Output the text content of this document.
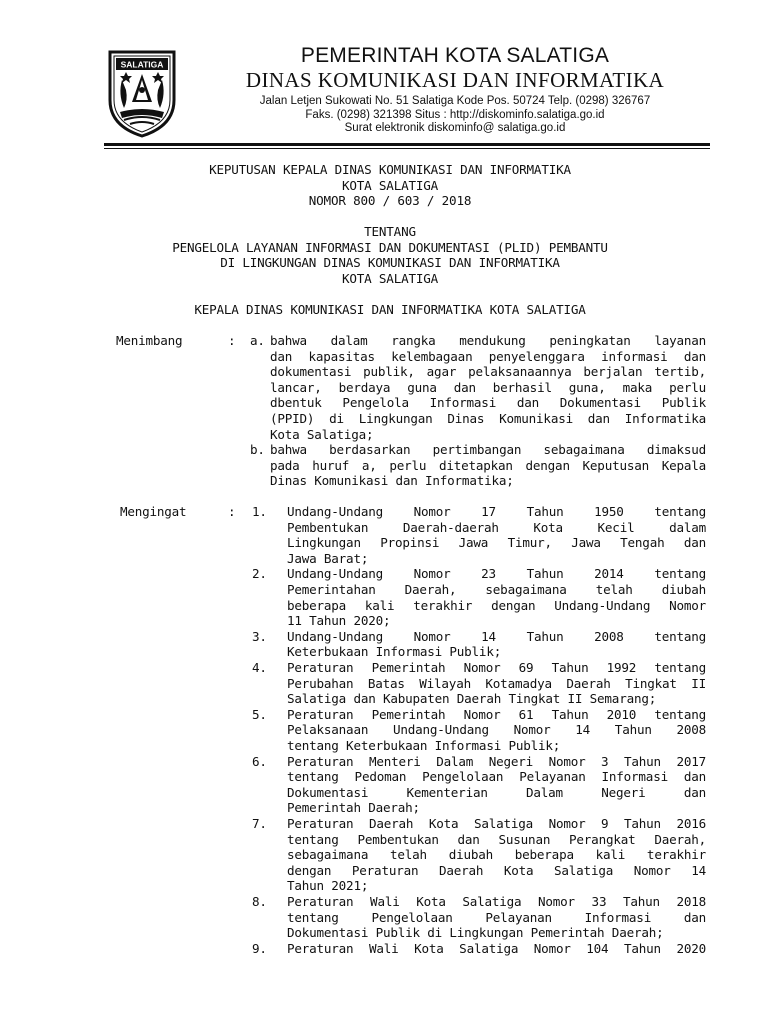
SALATIGA	PEMERINTAH KOTA SALATIGA
DINAS KOMUNIKASI DAN INFORMATIKA
Jalan Letjen Sukowati No. 51 Salatiga Kode Pos. 50724 Telp. (0298) 326767
Faks. (0298) 321398 Situs : http://diskominfo.salatiga.go.id
Surat elektronik diskominfo@ salatiga.go.id
KEPUTUSAN KEPALA DINAS KOMUNIKASI DAN INFORMATIKA
KOTA SALATIGA
NOMOR 800 / 603 / 2018
TENTANG
PENGELOLA LAYANAN INFORMASI DAN DOKUMENTASI (PLID) PEMBANTU
DI LINGKUNGAN DINAS KOMUNIKASI DAN INFORMATIKA
KOTA SALATIGA
KEPALA DINAS KOMUNIKASI DAN INFORMATIKA KOTA SALATIGA
Menimbang	: a. bahwa dalam rangka mendukung peningkatan layanan
dan kapasitas kelembagaan penyelenggara informasi dan
dokumentasi publik, agar pelaksanaannya berjalan tertib,
lancar, berdaya guna dan berhasil guna, maka perlu
dbentuk Pengelola Informasi dan Dokumentasi Publik
(PPID) di Lingkungan Dinas Komunikasi dan Informatika
Kota Salatiga;
b. bahwa berdasarkan pertimbangan sebagaimana dimaksud
pada huruf a, perlu ditetapkan dengan Keputusan Kepala
Dinas Komunikasi dan Informatika;
Mengingat	: 1. Undang-Undang Nomor 17 Tahun 1950 tentang
Pembentukan Daerah-daerah Kota Kecil dalam
Lingkungan Propinsi Jawa Timur, Jawa Tengah dan
Jawa Barat;
2. Undang-Undang Nomor 23 Tahun 2014 tentang
Pemerintahan Daerah, sebagaimana telah diubah
beberapa kali terakhir dengan Undang-Undang Nomor
11 Tahun 2020;
3. Undang-Undang Nomor 14 Tahun 2008 tentang
Keterbukaan Informasi Publik;
4. Peraturan Pemerintah Nomor 69 Tahun 1992 tentang
Perubahan Batas Wilayah Kotamadya Daerah Tingkat II
Salatiga dan Kabupaten Daerah Tingkat II Semarang;
5. Peraturan Pemerintah Nomor 61 Tahun 2010 tentang
Pelaksanaan Undang-Undang Nomor 14 Tahun 2008
tentang Keterbukaan Informasi Publik;
6. Peraturan Menteri Dalam Negeri Nomor 3 Tahun 2017
tentang Pedoman Pengelolaan Pelayanan Informasi dan
Dokumentasi Kementerian Dalam Negeri dan
Pemerintah Daerah;
7. Peraturan Daerah Kota Salatiga Nomor 9 Tahun 2016
tentang Pembentukan dan Susunan Perangkat Daerah,
sebagaimana telah diubah beberapa kali terakhir
dengan Peraturan Daerah Kota Salatiga Nomor 14
Tahun 2021;
8. Peraturan Wali Kota Salatiga Nomor 33 Tahun 2018
tentang Pengelolaan Pelayanan Informasi dan
Dokumentasi Publik di Lingkungan Pemerintah Daerah;
9. Peraturan Wali Kota Salatiga Nomor 104 Tahun 2020
